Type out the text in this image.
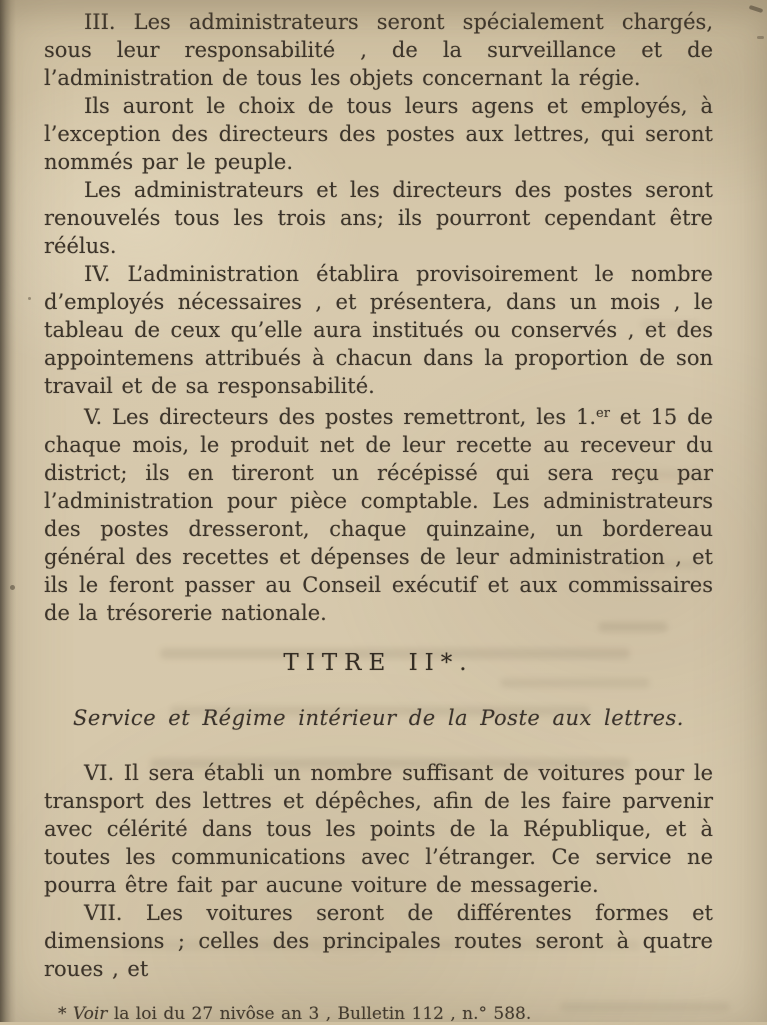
III. Les administrateurs seront spécialement chargés, sous leur responsabilité , de la surveillance et de l’administration de tous les objets concernant la régie.

Ils auront le choix de tous leurs agens et employés, à l’exception des directeurs des postes aux lettres, qui seront nommés par le peuple.

Les administrateurs et les directeurs des postes seront renouvelés tous les trois ans; ils pourront cependant être réélus.

IV. L’administration établira provisoirement le nombre d’employés nécessaires , et présentera, dans un mois , le tableau de ceux qu’elle aura institués ou conservés , et des appointemens attribués à chacun dans la proportion de son travail et de sa responsabilité.

V. Les directeurs des postes remettront, les 1.$^{er}$ et 15 de chaque mois, le produit net de leur recette au receveur du district; ils en tireront un récépissé qui sera reçu par l’administration pour pièce comptable. Les administrateurs des postes dresseront, chaque quinzaine, un bordereau général des recettes et dépenses de leur administration , et ils le feront passer au Conseil exécutif et aux commissaires de la trésorerie nationale.

TITRE II*.
Service et Régime intérieur de la Poste aux lettres.

VI. Il sera établi un nombre suffisant de voitures pour le transport des lettres et dépêches, afin de les faire parvenir avec célérité dans tous les points de la République, et à toutes les communications avec l’étranger. Ce service ne pourra être fait par aucune voiture de messagerie.

VII. Les voitures seront de différentes formes et dimensions ; celles des principales routes seront à quatre roues , et

* Voir la loi du 27 nivôse an 3 , Bulletin 112 , n.° 588.
